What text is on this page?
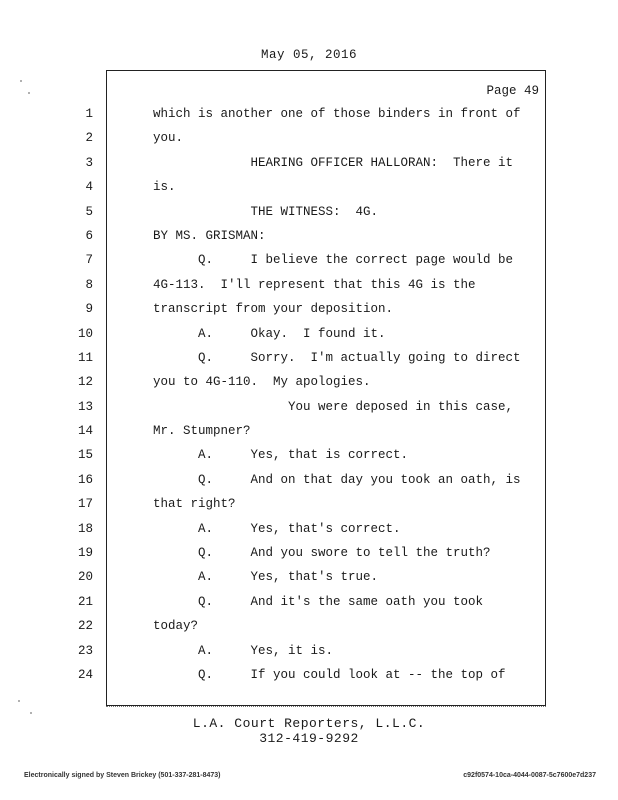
May 05, 2016
Page 49
1	which is another one of those binders in front of
2	you.
3	HEARING OFFICER HALLORAN:  There it
4	is.
5	THE WITNESS:  4G.
6	BY MS. GRISMAN:
7	Q.     I believe the correct page would be
8	4G-113.  I'll represent that this 4G is the
9	transcript from your deposition.
10	A.     Okay.  I found it.
11	Q.     Sorry.  I'm actually going to direct
12	you to 4G-110.  My apologies.
13	You were deposed in this case,
14	Mr. Stumpner?
15	A.     Yes, that is correct.
16	Q.     And on that day you took an oath, is
17	that right?
18	A.     Yes, that's correct.
19	Q.     And you swore to tell the truth?
20	A.     Yes, that's true.
21	Q.     And it's the same oath you took
22	today?
23	A.     Yes, it is.
24	Q.     If you could look at -- the top of
L.A. Court Reporters, L.L.C.
312-419-9292
Electronically signed by Steven Brickey (501-337-281-8473)	c92f0574-10ca-4044-0087-5c7600e7d237
